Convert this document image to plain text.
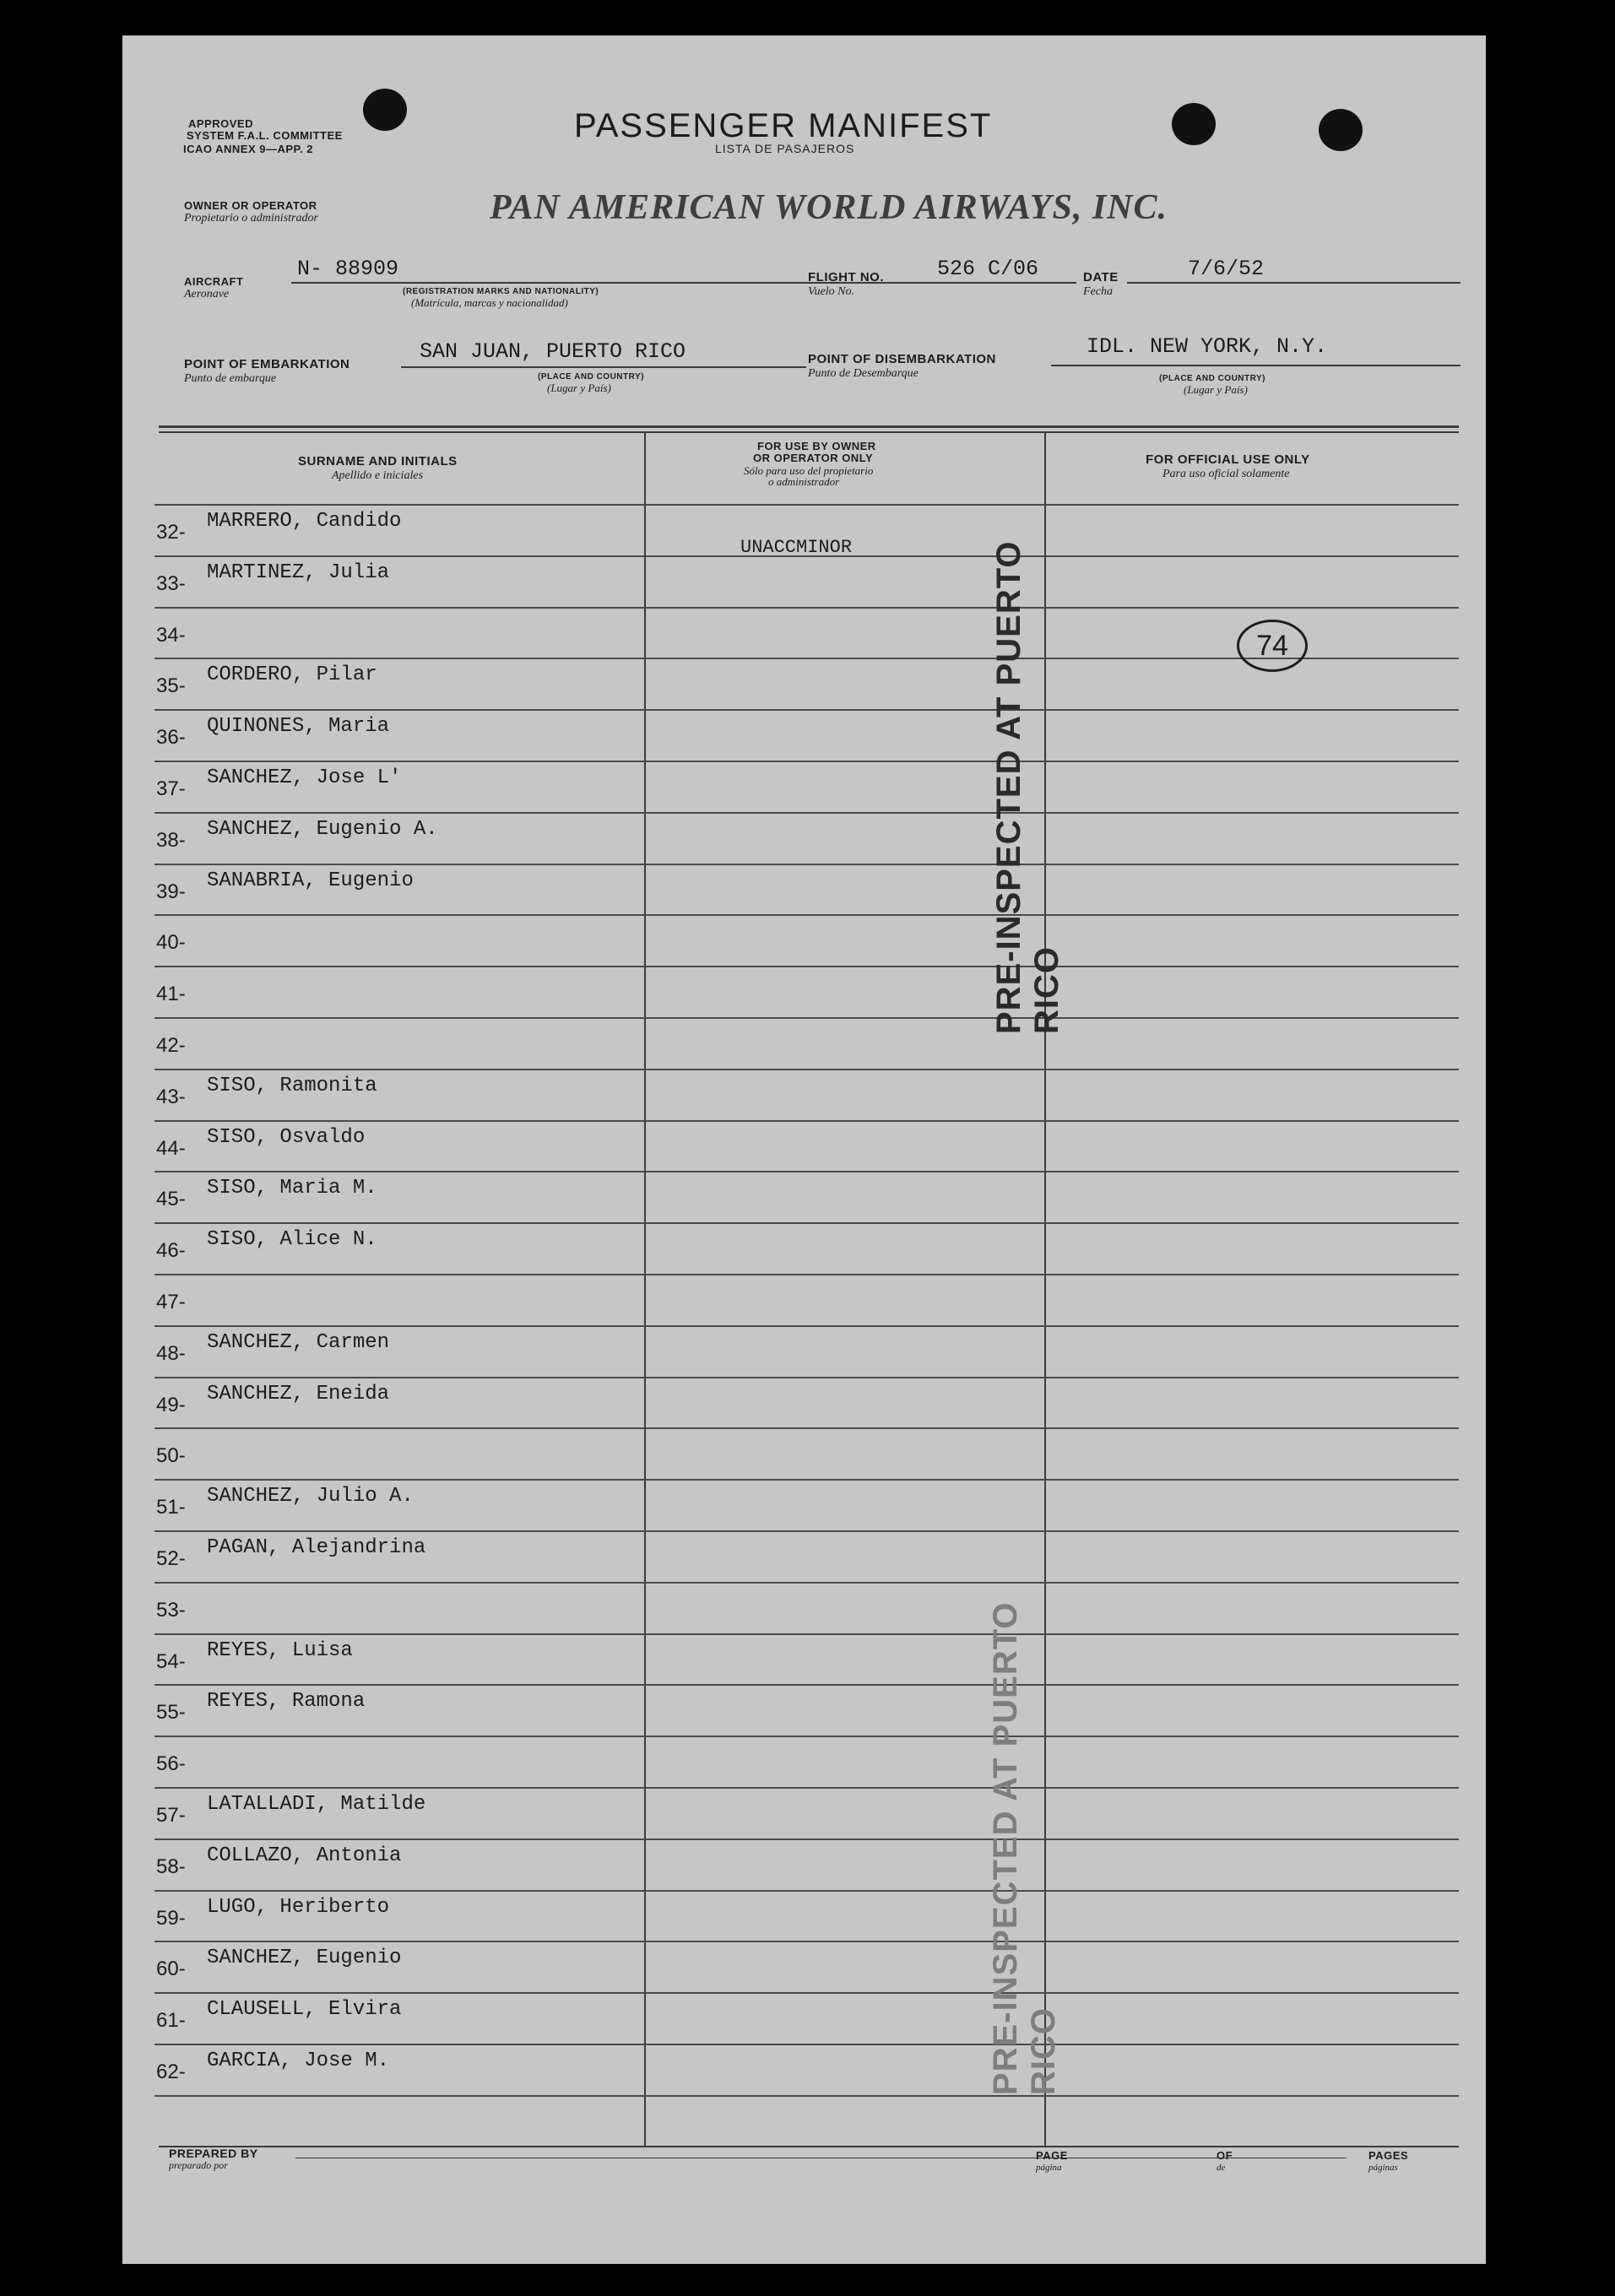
APPROVED
SYSTEM F.A.L. COMMITTEE
ICAO ANNEX 9—APP. 2
PASSENGER MANIFEST
LISTA DE PASAJEROS
OWNER OR OPERATOR
Propietario o administrador	PAN AMERICAN WORLD AIRWAYS, INC.
AIRCRAFT
Aeronave
N- 88909
(REGISTRATION MARKS AND NATIONALITY)
(Matrícula, marcas y nacionalidad)
FLIGHT NO.
Vuelo No.
526 C/06	DATE
Fecha
7/6/52
POINT OF EMBARKATION
Punto de embarque
SAN JUAN, PUERTO RICO
(PLACE AND COUNTRY)
(Lugar y País)
POINT OF DISEMBARKATION
Punto de Desembarque
IDL. NEW YORK, N.Y.
(PLACE AND COUNTRY)
(Lugar y País)
SURNAME AND INITIALS
Apellido e iniciales
FOR USE BY OWNER
OR OPERATOR ONLY
Sólo para uso del propietario
o administrador
FOR OFFICIAL USE ONLY
Para uso oficial solamente
32- MARRERO, Candido
33- MARTINEZ, Julia
34-
35- CORDERO, Pilar
36- QUINONES, Maria
37- SANCHEZ, Jose L'
38- SANCHEZ, Eugenio A.
39- SANABRIA, Eugenio
40-
41-
42-
43- SISO, Ramonita
44- SISO, Osvaldo
45- SISO, Maria M.
46- SISO, Alice N.
47-
48- SANCHEZ, Carmen
49- SANCHEZ, Eneida
50-
51- SANCHEZ, Julio A.
52- PAGAN, Alejandrina
53-
54- REYES, Luisa
55- REYES, Ramona
56-
57- LATALLADI, Matilde
58- COLLAZO, Antonia
59- LUGO, Heriberto
60- SANCHEZ, Eugenio
61- CLAUSELL, Elvira
62- GARCIA, Jose M.
UNACCMINOR
74
PRE-INSPECTED AT PUERTO RICO
PRE-INSPECTED AT PUERTO RICO
PREPARED BY
preparado por
PAGE
página
OF
de
PAGES
páginas
